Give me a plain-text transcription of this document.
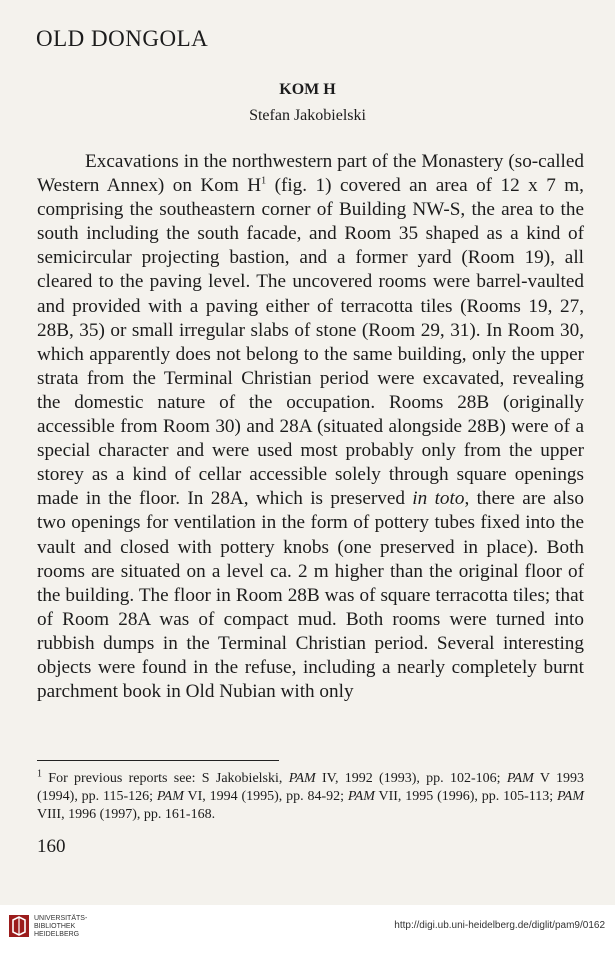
OLD DONGOLA
KOM H
Stefan Jakobielski

Excavations in the northwestern part of the Monastery (so-called Western Annex) on Kom $H^1$ (fig. 1) covered an area of 12 x 7 m, comprising the southeastern corner of Building NW-S, the area to the south including the south facade, and Room 35 shaped as a kind of semicircular projecting bastion, and a former yard (Room 19), all cleared to the paving level. The uncovered rooms were barrel-vaulted and provided with a paving either of terracotta tiles (Rooms 19, 27, 28B, 35) or small irregular slabs of stone (Room 29, 31). In Room 30, which apparently does not belong to the same building, only the upper strata from the Terminal Christian period were excavated, revealing the domestic nature of the occupation. Rooms 28B (originally accessible from Room 30) and 28A (situated alongside 28B) were of a special character and were used most probably only from the upper storey as a kind of cellar accessible solely through square openings made in the floor. In 28A, which is preserved in toto, there are also two openings for ventilation in the form of pottery tubes fixed into the vault and closed with pottery knobs (one preserved in place). Both rooms are situated on a level ca. 2 m higher than the original floor of the building. The floor in Room 28B was of square terracotta tiles; that of Room 28A was of compact mud. Both rooms were turned into rubbish dumps in the Terminal Christian period. Several interesting objects were found in the refuse, including a nearly completely burnt parchment book in Old Nubian with only

$^1$ For previous reports see: S Jakobielski, PAM IV, 1992 (1993), pp. 102-106; PAM V 1993 (1994), pp. 115-126; PAM VI, 1994 (1995), pp. 84-92; PAM VII, 1995 (1996), pp. 105-113; PAM VIII, 1996 (1997), pp. 161-168.
160
UNIVERSITÄTS-
BIBLIOTHEK
HEIDELBERG
http://digi.ub.uni-heidelberg.de/diglit/pam9/0162
